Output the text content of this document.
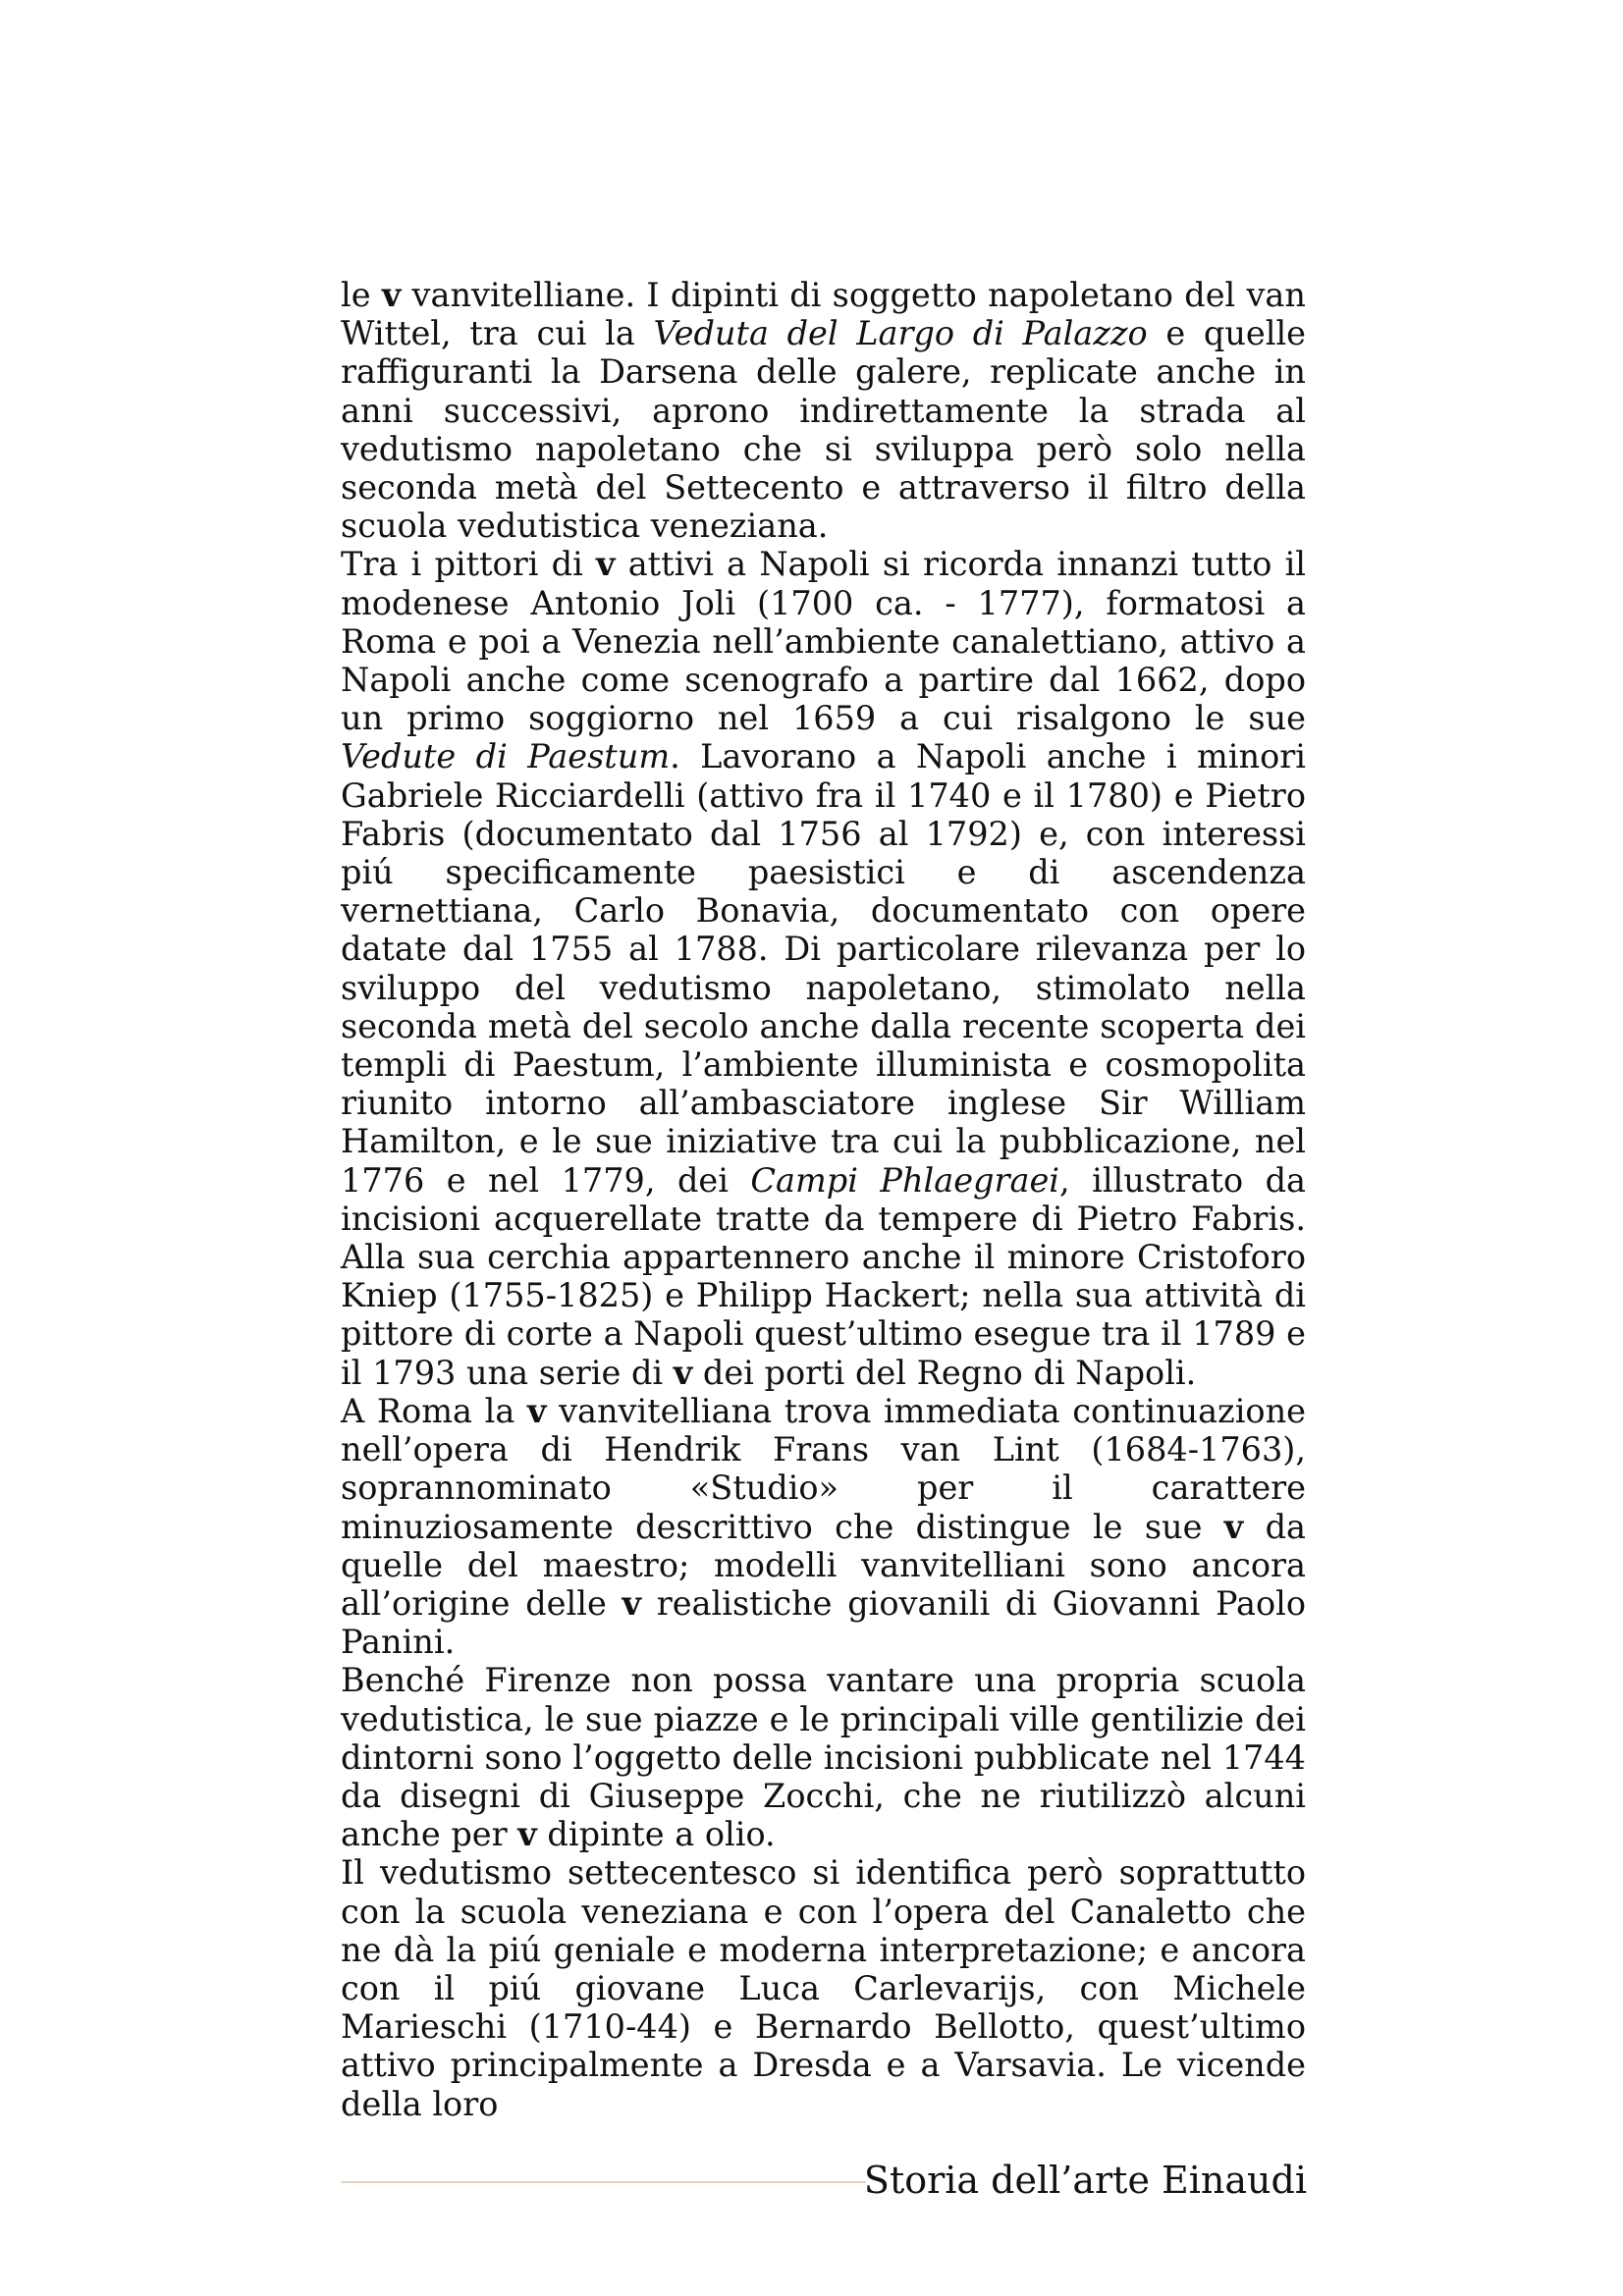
le v vanvitelliane. I dipinti di soggetto napoletano del van Wittel, tra cui la Veduta del Largo di Palazzo e quelle raffiguranti la Darsena delle galere, replicate anche in anni successivi, aprono indirettamente la strada al vedutismo napoletano che si sviluppa però solo nella seconda metà del Settecento e attraverso il filtro della scuola vedutistica veneziana.

Tra i pittori di v attivi a Napoli si ricorda innanzi tutto il modenese Antonio Joli (1700 ca. - 1777), formatosi a Roma e poi a Venezia nell’ambiente canalettiano, attivo a Napoli anche come scenografo a partire dal 1662, dopo un primo soggiorno nel 1659 a cui risalgono le sue Vedute di Paestum. Lavorano a Napoli anche i minori Gabriele Ricciardelli (attivo fra il 1740 e il 1780) e Pietro Fabris (documentato dal 1756 al 1792) e, con interessi piú specificamente paesistici e di ascendenza vernettiana, Carlo Bonavia, documentato con opere datate dal 1755 al 1788. Di particolare rilevanza per lo sviluppo del vedutismo napoletano, stimolato nella seconda metà del secolo anche dalla recente scoperta dei templi di Paestum, l’ambiente illuminista e cosmopolita riunito intorno all’ambasciatore inglese Sir William Hamilton, e le sue iniziative tra cui la pubblicazione, nel 1776 e nel 1779, dei Campi Phlaegraei, illustrato da incisioni acquerellate tratte da tempere di Pietro Fabris. Alla sua cerchia appartennero anche il minore Cristoforo Kniep (1755-1825) e Philipp Hackert; nella sua attività di pittore di corte a Napoli quest’ultimo esegue tra il 1789 e il 1793 una serie di v dei porti del Regno di Napoli.

A Roma la v vanvitelliana trova immediata continuazione nell’opera di Hendrik Frans van Lint (1684-1763), soprannominato «Studio» per il carattere minuziosamente descrittivo che distingue le sue v da quelle del maestro; modelli vanvitelliani sono ancora all’origine delle v realistiche giovanili di Giovanni Paolo Panini.

Benché Firenze non possa vantare una propria scuola vedutistica, le sue piazze e le principali ville gentilizie dei dintorni sono l’oggetto delle incisioni pubblicate nel 1744 da disegni di Giuseppe Zocchi, che ne riutilizzò alcuni anche per v dipinte a olio.

Il vedutismo settecentesco si identifica però soprattutto con la scuola veneziana e con l’opera del Canaletto che ne dà la piú geniale e moderna interpretazione; e ancora con il piú giovane Luca Carlevarijs, con Michele Marieschi (1710-44) e Bernardo Bellotto, quest’ultimo attivo principalmente a Dresda e a Varsavia. Le vicende della loro

Storia dell’arte Einaudi
